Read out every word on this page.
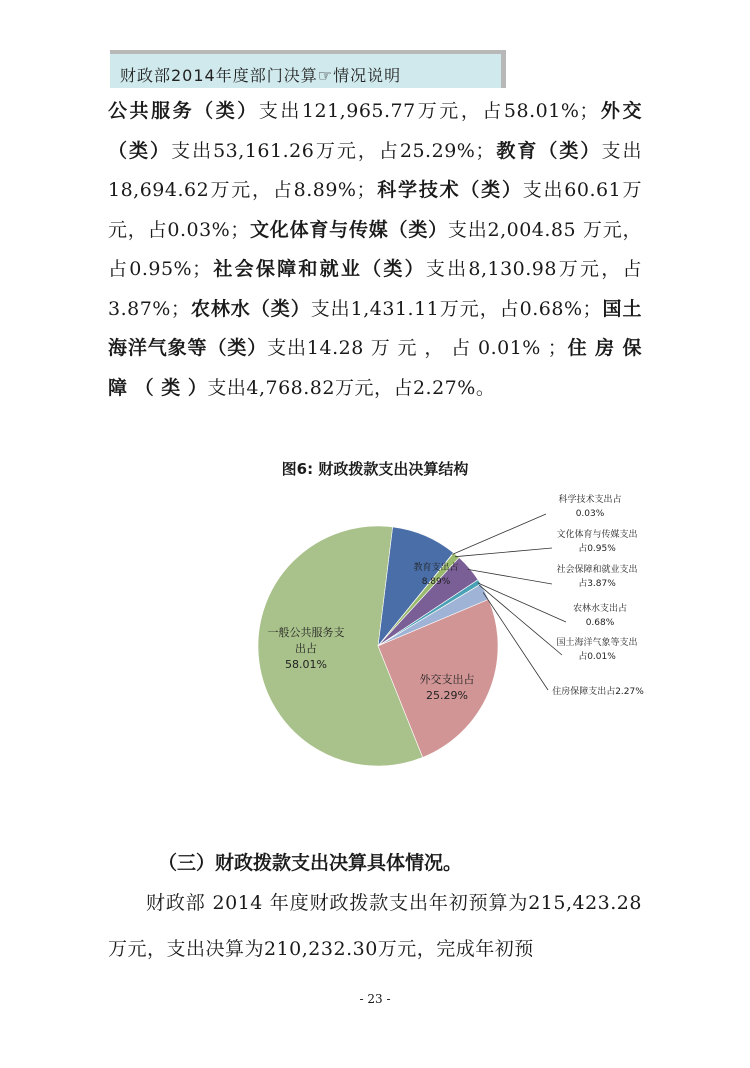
财政部2014年度部门决算☞情况说明
公共服务（类）支出121,965.77万元，占58.01%；外交（类）支出53,161.26万元，占25.29%；教育（类）支出18,694.62万元，占8.89%；科学技术（类）支出60.61万元，占0.03%；文化体育与传媒（类）支出2,004.85 万元，占0.95%；社会保障和就业（类）支出8,130.98万元，占3.87%；农林水（类）支出1,431.11万元，占0.68%；国土海洋气象等（类）支出14.28 万 元 ， 占 0.01% ；住 房 保 障 （ 类 ）支出4,768.82万元，占2.27%。
图6: 财政拨款支出决算结构
一般公共服务支
出占
58.01%
外交支出占
25.29%
教育支出占
8.89%
科学技术支出占
0.03%
文化体育与传媒支出
占0.95%
社会保障和就业支出
占3.87%
农林水支出占
0.68%
国土海洋气象等支出
占0.01%
住房保障支出占2.27%
（三）财政拨款支出决算具体情况。
财政部 2014 年度财政拨款支出年初预算为215,423.28万元，支出决算为210,232.30万元，完成年初预
- 23 -
